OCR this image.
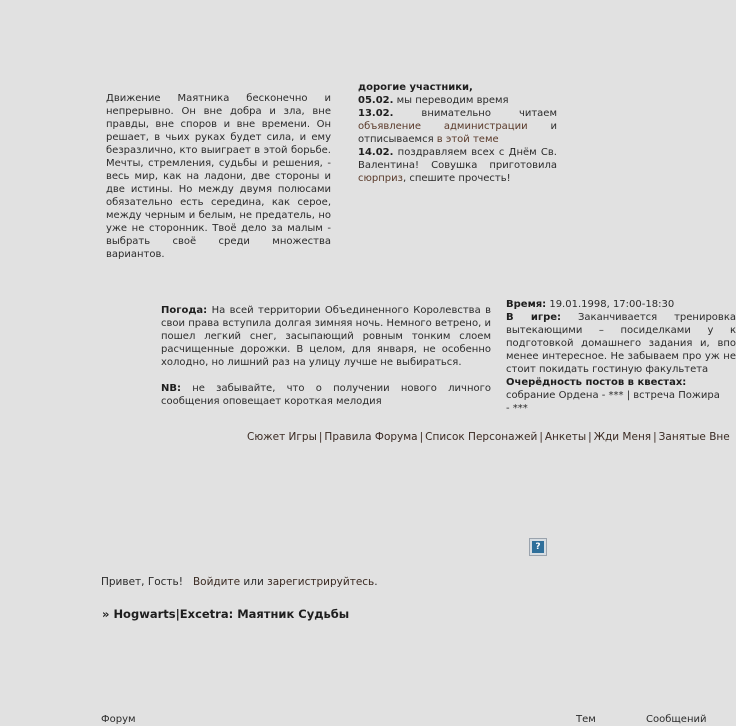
Движение Маятника бесконечно и непрерывно. Он вне добра и зла, вне правды, вне споров и вне времени. Он решает, в чьих руках будет сила, и ему безразлично, кто выиграет в этой борьбе. Мечты, стремления, судьбы и решения, - весь мир, как на ладони, две стороны и две истины. Но между двумя полюсами обязательно есть середина, как серое, между черным и белым, не предатель, но уже не сторонник. Твоё дело за малым - выбрать своё среди множества вариантов.
дорогие участники,
05.02. мы переводим время
13.02. внимательно читаем объявление администрации и отписываемся в этой теме
14.02. поздравляем всех с Днём Св. Валентина! Совушка приготовила сюрприз, спешите прочесть!

Погода: На всей территории Объединенного Королевства в свои права вступила долгая зимняя ночь. Немного ветрено, и пошел легкий снег, засыпающий ровным тонким слоем расчищенные дорожки. В целом, для января, не особенно холодно, но лишний раз на улицу лучше не выбираться.

NB: не забывайте, что о получении нового личного сообщения оповещает короткая мелодия

Время: 19.01.1998, 17:00-18:30
В игре: Заканчивается тренировка вытекающими – посиделками у к подготовкой домашнего задания и, впо менее интересное. Не забываем про уж не стоит покидать гостиную факультета
Очерёдность постов в квестах:
собрание Ордена - *** | встреча Пожира
- ***
Сюжет Игры | Правила Форума | Список Персонажей | Анкеты | Жди Меня | Занятые Вне
?
Привет, Гость! Войдите или зарегистрируйтесь.
» Hogwarts|Excetra: Маятник Судьбы
Форум	Тем	Сообщений
